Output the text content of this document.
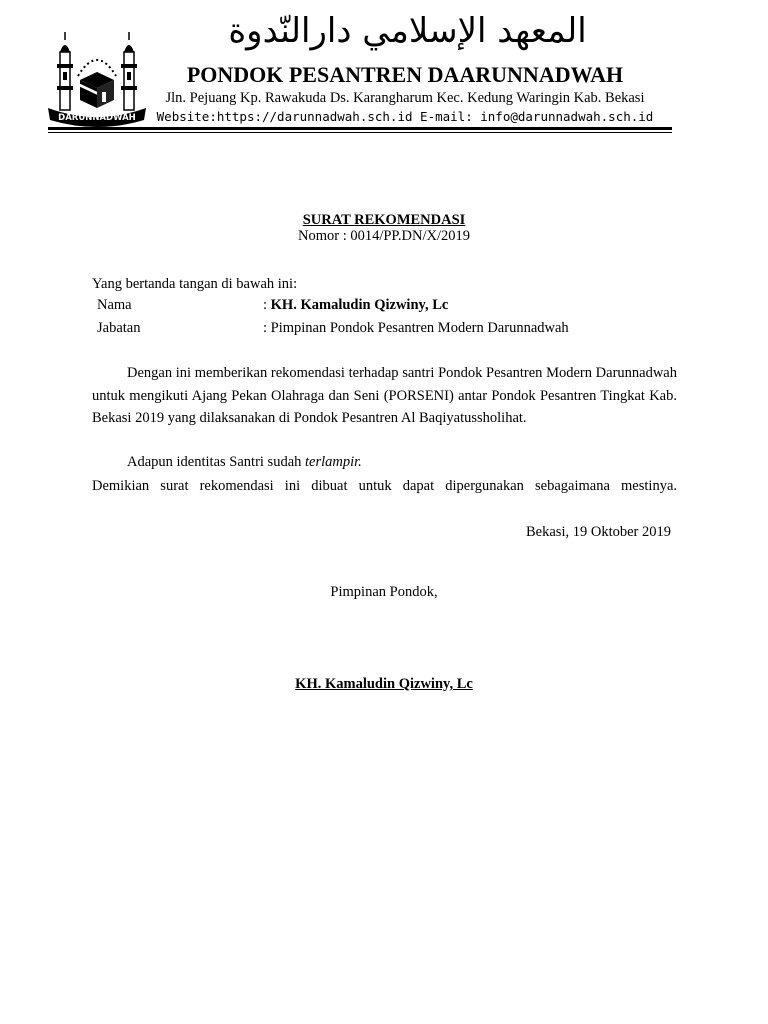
DARUNNADWAH
المعهد الإسلامي دارالنّدوة
PONDOK PESANTREN DAARUNNADWAH
Jln. Pejuang Kp. Rawakuda Ds. Karangharum Kec. Kedung Waringin Kab. Bekasi
Website:https://darunnadwah.sch.id E-mail: info@darunnadwah.sch.id
SURAT REKOMENDASI
Nomor : 0014/PP.DN/X/2019
Yang bertanda tangan di bawah ini:
Nama	: KH. Kamaludin Qizwiny, Lc
Jabatan	: Pimpinan Pondok Pesantren Modern Darunnadwah

Dengan ini memberikan rekomendasi terhadap santri Pondok Pesantren Modern Darunnadwah untuk mengikuti Ajang Pekan Olahraga dan Seni (PORSENI) antar Pondok Pesantren Tingkat Kab. Bekasi 2019 yang dilaksanakan di Pondok Pesantren Al Baqiyatussholihat.

Adapun identitas Santri sudah terlampir.
Demikian surat rekomendasi ini dibuat untuk dapat dipergunakan sebagaimana mestinya.
Bekasi, 19 Oktober 2019
Pimpinan Pondok,
KH. Kamaludin Qizwiny, Lc
